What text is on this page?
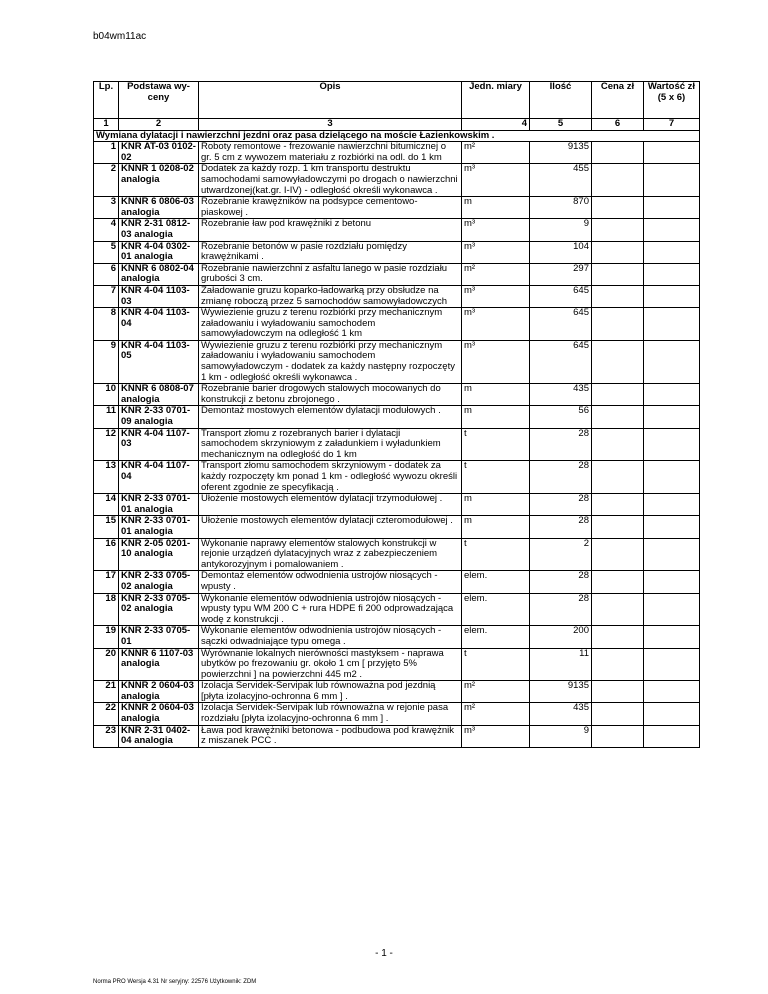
b04wm11ac
Lp.	Podstawa wy-ceny	Opis	Jedn. miary	Ilość	Cena zł	Wartość zł (5 x 6)
1	2	3	4	5	6	7
Wymiana dylatacji i nawierzchni jezdni oraz pasa dzielącego na moście Łazienkowskim .						
1	KNR AT-03 0102-02	Roboty remontowe - frezowanie nawierzchni bitumicznej o gr. 5 cm z wywozem materiału z rozbiórki na odl. do 1 km	m²	9135		
2	KNNR 1 0208-02 analogia	Dodatek za każdy rozp. 1 km transportu destruktu samochodami samowyładowczymi po drogach o nawierzchni utwardzonej(kat.gr. I-IV) - odległość określi wykonawca .	m³	455		
3	KNNR 6 0806-03 analogia	Rozebranie krawężników na podsypce cementowo-piaskowej .	m	870		
4	KNR 2-31 0812-03 analogia	Rozebranie ław pod krawężniki z betonu	m³	9		
5	KNR 4-04 0302-01 analogia	Rozebranie betonów w pasie rozdziału pomiędzy krawężnikami .	m³	104		
6	KNNR 6 0802-04 analogia	Rozebranie nawierzchni z asfaltu lanego w pasie rozdziału grubości 3 cm.	m²	297		
7	KNR 4-04 1103-03	Załadowanie gruzu koparko-ładowarką przy obsłudze na zmianę roboczą przez 5 samochodów samowyładowczych	m³	645		
8	KNR 4-04 1103-04	Wywiezienie gruzu z terenu rozbiórki przy mechanicznym załadowaniu i wyładowaniu samochodem samowyładowczym na odległość 1 km	m³	645		
9	KNR 4-04 1103-05	Wywiezienie gruzu z terenu rozbiórki przy mechanicznym załadowaniu i wyładowaniu samochodem samowyładowczym - dodatek za każdy następny rozpoczęty 1 km - odległość określi wykonawca .	m³	645		
10	KNNR 6 0808-07 analogia	Rozebranie barier drogowych stalowych mocowanych do konstrukcji z betonu zbrojonego .	m	435		
11	KNR 2-33 0701-09 analogia	Demontaż mostowych elementów dylatacji modułowych .	m	56		
12	KNR 4-04 1107-03	Transport złomu z rozebranych barier i dylatacji samochodem skrzyniowym z załadunkiem i wyładunkiem mechanicznym na odległość do 1 km	t	28		
13	KNR 4-04 1107-04	Transport złomu samochodem skrzyniowym - dodatek za każdy rozpoczęty km ponad 1 km - odległość wywozu określi oferent zgodnie ze specyfikacją .	t	28		
14	KNR 2-33 0701-01 analogia	Ułożenie mostowych elementów dylatacji trzymodułowej .	m	28		
15	KNR 2-33 0701-01 analogia	Ułożenie mostowych elementów dylatacji czteromodułowej .	m	28		
16	KNR 2-05 0201-10 analogia	Wykonanie naprawy elementów stalowych konstrukcji w rejonie urządzeń dylatacyjnych wraz z zabezpieczeniem antykorozyjnym i pomalowaniem .	t	2		
17	KNR 2-33 0705-02 analogia	Demontaż elementów odwodnienia ustrojów niosących - wpusty .	elem.	28		
18	KNR 2-33 0705-02 analogia	Wykonanie elementów odwodnienia ustrojów niosących - wpusty typu WM 200 C + rura HDPE fi 200 odprowadzająca wodę z konstrukcji .	elem.	28		
19	KNR 2-33 0705-01	Wykonanie elementów odwodnienia ustrojów niosących - sączki odwadniające typu omega .	elem.	200		
20	KNNR 6 1107-03 analogia	Wyrównanie lokalnych nierówności mastyksem - naprawa ubytków po frezowaniu gr. około 1 cm [ przyjęto 5% powierzchni ] na powierzchni 445 m2 .	t	11		
21	KNNR 2 0604-03 analogia	Izolacja Servidek-Servipak lub równoważna pod jezdnią [płyta izolacyjno-ochronna 6 mm ] .	m²	9135		
22	KNNR 2 0604-03 analogia	Izolacja Servidek-Servipak lub równoważna w rejonie pasa rozdziału [płyta izolacyjno-ochronna 6 mm ] .	m²	435		
23	KNR 2-31 0402-04 analogia	Ława pod krawężniki betonowa - podbudowa pod krawężnik z miszanek PCC .	m³	9		
- 1 -
Norma PRO Wersja 4.31 Nr seryjny: 22576 Użytkownik: ZDM
